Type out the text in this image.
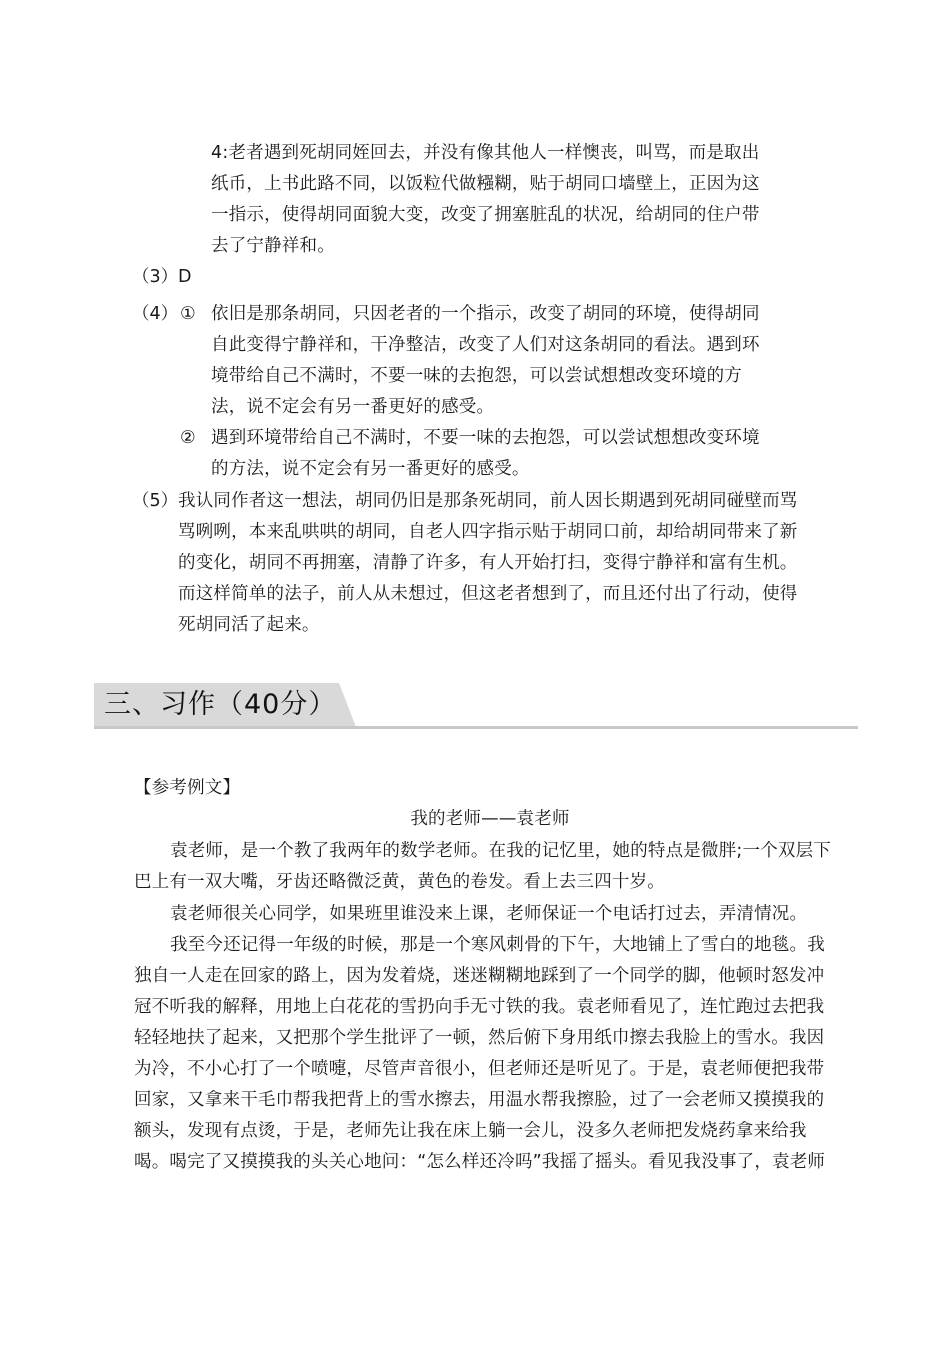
4:老者遇到死胡同姪回去，并没有像其他人一样懊丧，叫骂，而是取出
纸币，上书此路不同，以饭粒代做糨糊，贴于胡同口墙壁上，正因为这
一指示，使得胡同面貌大变，改变了拥塞脏乱的状况，给胡同的住户带
去了宁静祥和。
（3） D
（4） ① 依旧是那条胡同，只因老者的一个指示，改变了胡同的环境，使得胡同
自此变得宁静祥和，干净整洁，改变了人们对这条胡同的看法。遇到环
境带给自己不满时，不要一味的去抱怨，可以尝试想想改变环境的方
法，说不定会有另一番更好的感受。
② 遇到环境带给自己不满时，不要一味的去抱怨，可以尝试想想改变环境
的方法，说不定会有另一番更好的感受。
（5） 我认同作者这一想法，胡同仍旧是那条死胡同，前人因长期遇到死胡同碰壁而骂
骂咧咧，本来乱哄哄的胡同，自老人四字指示贴于胡同口前，却给胡同带来了新
的变化，胡同不再拥塞，清静了许多，有人开始打扫，变得宁静祥和富有生机。
而这样简单的法子，前人从未想过，但这老者想到了，而且还付出了行动，使得
死胡同活了起来。
三、习作（40分）
【参考例文】
我的老师——袁老师
袁老师，是一个教了我两年的数学老师。在我的记忆里，她的特点是微胖;一个双层下
巴上有一双大嘴，牙齿还略微泛黄，黄色的卷发。看上去三四十岁。
袁老师很关心同学，如果班里谁没来上课，老师保证一个电话打过去，弄清情况。
我至今还记得一年级的时候，那是一个寒风刺骨的下午，大地铺上了雪白的地毯。我
独自一人走在回家的路上，因为发着烧，迷迷糊糊地踩到了一个同学的脚，他顿时怒发冲
冠不听我的解释，用地上白花花的雪扔向手无寸铁的我。袁老师看见了，连忙跑过去把我
轻轻地扶了起来，又把那个学生批评了一顿，然后俯下身用纸巾擦去我脸上的雪水。我因
为冷，不小心打了一个喷嚏，尽管声音很小，但老师还是听见了。于是，袁老师便把我带
回家，又拿来干毛巾帮我把背上的雪水擦去，用温水帮我擦脸，过了一会老师又摸摸我的
额头，发现有点烫，于是，老师先让我在床上躺一会儿，没多久老师把发烧药拿来给我
喝。喝完了又摸摸我的头关心地问：“怎么样还冷吗”我摇了摇头。看见我没事了，袁老师
